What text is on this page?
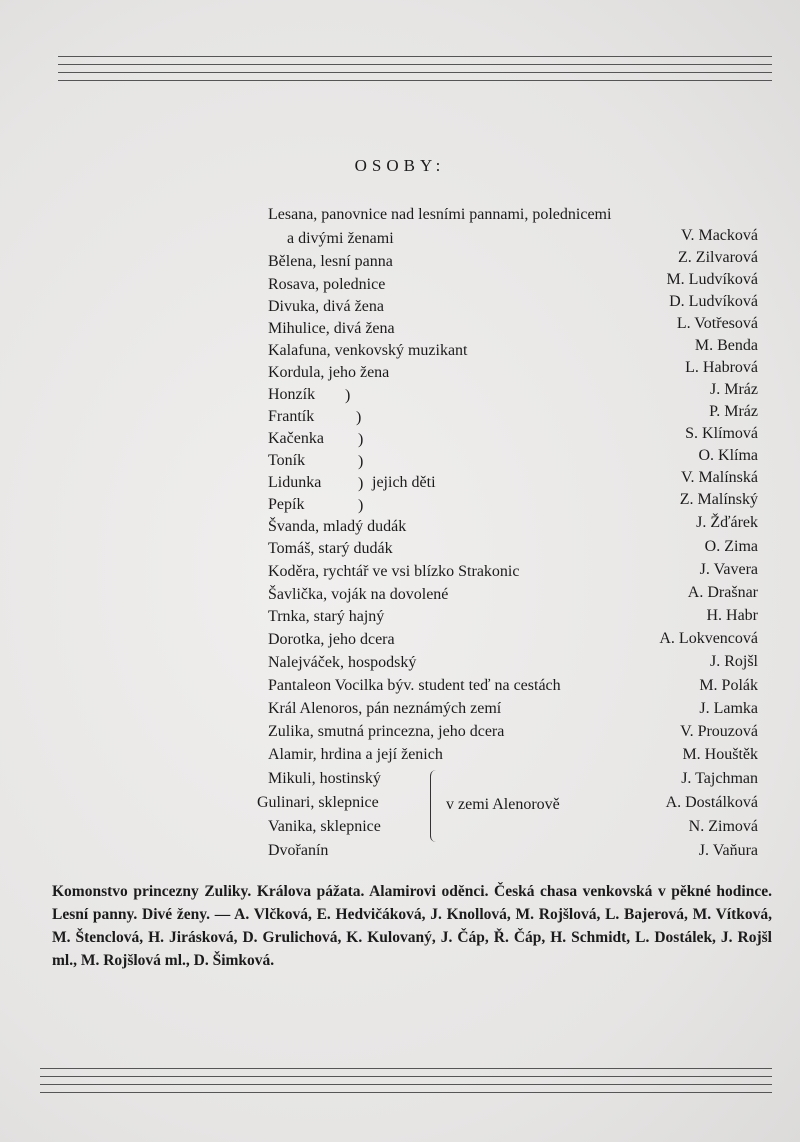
OSOBY:
Lesana, panovnice nad lesními pannami, polednicemi
a divými ženami	V. Macková
Bělena, lesní panna	Z. Zilvarová
Rosava, polednice	M. Ludvíková
Divuka, divá žena	D. Ludvíková
Mihulice, divá žena	L. Votřesová
Kalafuna, venkovský muzikant	M. Benda
Kordula, jeho žena	L. Habrová
Honzík	J. Mráz
Frantík	P. Mráz
Kačenka	S. Klímová
Toník	O. Klíma
Lidunka	V. Malínská
Pepík	Z. Malínský
)
)
)
)
)
)
jejich děti
Švanda, mladý dudák	J. Žďárek
Tomáš, starý dudák	O. Zima
Koděra, rychtář ve vsi blízko Strakonic	J. Vavera
Šavlička, voják na dovolené	A. Drašnar
Trnka, starý hajný	H. Habr
Dorotka, jeho dcera	A. Lokvencová
Nalejváček, hospodský	J. Rojšl
Pantaleon Vocilka býv. student teď na cestách	M. Polák
Král Alenoros, pán neznámých zemí	J. Lamka
Zulika, smutná princezna, jeho dcera	V. Prouzová
Alamir, hrdina a její ženich	M. Houštěk
Mikuli, hostinský	J. Tajchman
Gulinari, sklepnice	A. Dostálková
Vanika, sklepnice	N. Zimová
Dvořanín	J. Vaňura
v zemi Alenorově
Komonstvo princezny Zuliky. Králova pážata. Alamirovi oděnci. Česká chasa venkovská v pěkné hodince. Lesní panny. Divé ženy. — A. Vlčková, E. Hedvičáková, J. Knollová, M. Rojšlová, L. Bajerová, M. Vítková, M. Štenclová, H. Jirásková, D. Grulichová, K. Kulovaný, J. Čáp, Ř. Čáp, H. Schmidt, L. Dostálek, J. Rojšl ml., M. Rojšlová ml., D. Šimková.
